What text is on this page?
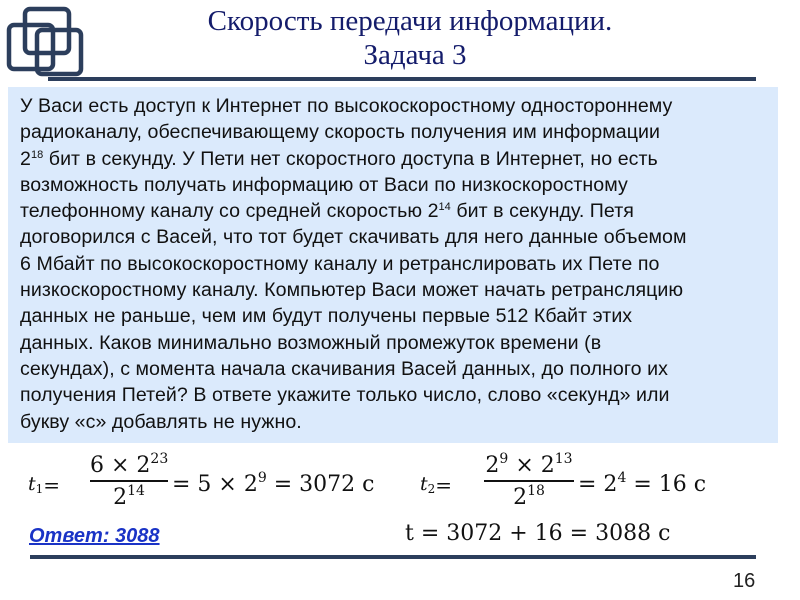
Скорость передачи информации.
Задача 3
У Васи есть доступ к Интернет по высокоскоростному одностороннему
радиоканалу, обеспечивающему скорость получения им информации
$2^{18}$ бит в секунду. У Пети нет скоростного доступа в Интернет, но есть
возможность получать информацию от Васи по низкоскоростному
телефонному каналу со средней скоростью $2^{14}$ бит в секунду. Петя
договорился с Васей, что тот будет скачивать для него данные объемом
6 Мбайт по высокоскоростному каналу и ретранслировать их Пете по
низкоскоростному каналу. Компьютер Васи может начать ретрансляцию
данных не раньше, чем им будут получены первые 512 Кбайт этих
данных. Каков минимально возможный промежуток времени (в
секундах), с момента начала скачивания Васей данных, до полного их
получения Петей? В ответе укажите только число, слово «секунд» или
букву «с» добавлять не нужно.
$t_1$ =
$6 \times 2^{23}$
$2^{14}$	= $5 \times 2^9 = 3072$ с $t_2$ =
$2^9 \times 2^{13}$
$2^{18}$	= $2^4 = 16$ с
t = 3072 + 16 = 3088 с
Ответ: 3088
16
